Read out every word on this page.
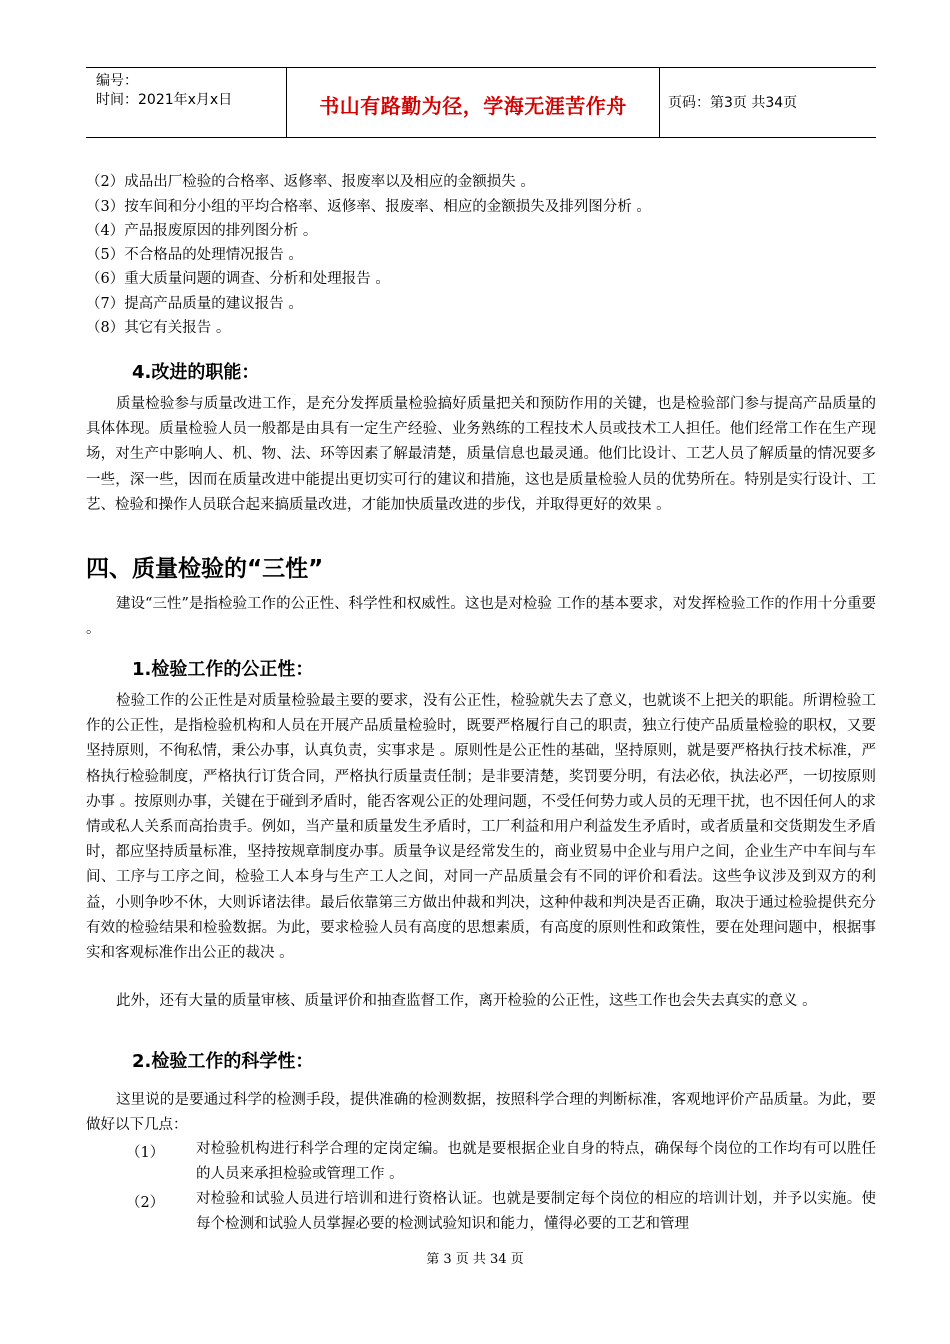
编号：
时间：2021年x月x日	书山有路勤为径，学海无涯苦作舟	页码：第3页 共34页
（2）成品出厂检验的合格率、返修率、报废率以及相应的金额损失 。
（3）按车间和分小组的平均合格率、返修率、报废率、相应的金额损失及排列图分析 。
（4）产品报废原因的排列图分析 。
（5）不合格品的处理情况报告 。
（6）重大质量问题的调查、分析和处理报告 。
（7）提高产品质量的建议报告 。
（8）其它有关报告 。
4.改进的职能：
质量检验参与质量改进工作，是充分发挥质量检验搞好质量把关和预防作用的关键，也是检验部门参与提高产品质量的具体体现。质量检验人员一般都是由具有一定生产经验、业务熟练的工程技术人员或技术工人担任。他们经常工作在生产现场，对生产中影响人、机、物、法、环等因素了解最清楚，质量信息也最灵通。他们比设计、工艺人员了解质量的情况要多一些，深一些，因而在质量改进中能提出更切实可行的建议和措施，这也是质量检验人员的优势所在。特别是实行设计、工艺、检验和操作人员联合起来搞质量改进，才能加快质量改进的步伐，并取得更好的效果 。
四、质量检验的“三性”
建设“三性”是指检验工作的公正性、科学性和权威性。这也是对检验 工作的基本要求，对发挥检验工作的作用十分重要 。
1.检验工作的公正性：
检验工作的公正性是对质量检验最主要的要求，没有公正性，检验就失去了意义，也就谈不上把关的职能。所谓检验工作的公正性，是指检验机构和人员在开展产品质量检验时，既要严格履行自己的职责，独立行使产品质量检验的职权，又要坚持原则，不徇私情，秉公办事，认真负责，实事求是 。原则性是公正性的基础，坚持原则，就是要严格执行技术标准，严格执行检验制度，严格执行订货合同，严格执行质量责任制；是非要清楚，奖罚要分明，有法必依，执法必严，一切按原则办事 。按原则办事，关键在于碰到矛盾时，能否客观公正的处理问题，不受任何势力或人员的无理干扰，也不因任何人的求情或私人关系而高抬贵手。例如，当产量和质量发生矛盾时，工厂利益和用户利益发生矛盾时，或者质量和交货期发生矛盾时，都应坚持质量标准，坚持按规章制度办事。质量争议是经常发生的，商业贸易中企业与用户之间，企业生产中车间与车间、工序与工序之间，检验工人本身与生产工人之间，对同一产品质量会有不同的评价和看法。这些争议涉及到双方的利益，小则争吵不休，大则诉诸法律。最后依靠第三方做出仲裁和判决，这种仲裁和判决是否正确，取决于通过检验提供充分有效的检验结果和检验数据。为此，要求检验人员有高度的思想素质，有高度的原则性和政策性，要在处理问题中，根据事实和客观标准作出公正的裁决 。
此外，还有大量的质量审核、质量评价和抽查监督工作，离开检验的公正性，这些工作也会失去真实的意义 。
2.检验工作的科学性：
这里说的是要通过科学的检测手段，提供准确的检测数据，按照科学合理的判断标准，客观地评价产品质量。为此，要做好以下几点：
（1） 对检验机构进行科学合理的定岗定编。也就是要根据企业自身的特点，确保每个岗位的工作均有可以胜任的人员来承担检验或管理工作 。
（2） 对检验和试验人员进行培训和进行资格认证。也就是要制定每个岗位的相应的培训计划，并予以实施。使每个检测和试验人员掌握必要的检测试验知识和能力，懂得必要的工艺和管理
第 3 页 共 34 页
